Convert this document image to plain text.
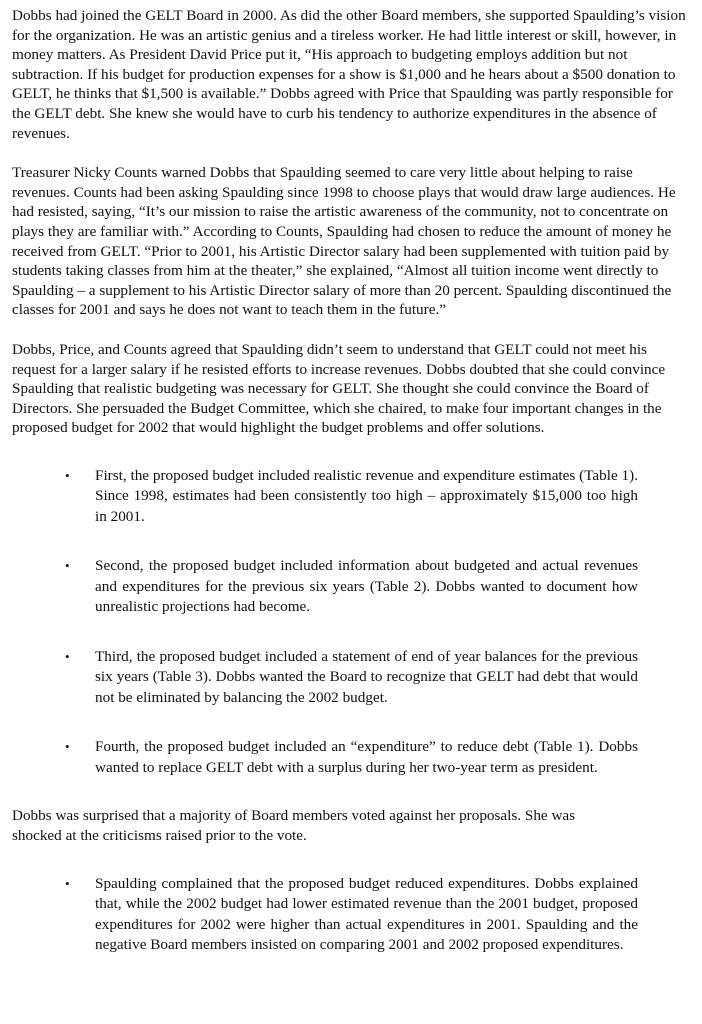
Dobbs had joined the GELT Board in 2000. As did the other Board members, she supported Spaulding’s vision for the organization. He was an artistic genius and a tireless worker. He had little interest or skill, however, in money matters. As President David Price put it, “His approach to budgeting employs addition but not subtraction. If his budget for production expenses for a show is $1,000 and he hears about a $500 donation to GELT, he thinks that $1,500 is available.” Dobbs agreed with Price that Spaulding was partly responsible for the GELT debt. She knew she would have to curb his tendency to authorize expenditures in the absence of revenues.

Treasurer Nicky Counts warned Dobbs that Spaulding seemed to care very little about helping to raise revenues. Counts had been asking Spaulding since 1998 to choose plays that would draw large audiences. He had resisted, saying, “It’s our mission to raise the artistic awareness of the community, not to concentrate on plays they are familiar with.” According to Counts, Spaulding had chosen to reduce the amount of money he received from GELT. “Prior to 2001, his Artistic Director salary had been supplemented with tuition paid by students taking classes from him at the theater,” she explained, “Almost all tuition income went directly to Spaulding – a supplement to his Artistic Director salary of more than 20 percent. Spaulding discontinued the classes for 2001 and says he does not want to teach them in the future.”

Dobbs, Price, and Counts agreed that Spaulding didn’t seem to understand that GELT could not meet his request for a larger salary if he resisted efforts to increase revenues. Dobbs doubted that she could convince Spaulding that realistic budgeting was necessary for GELT. She thought she could convince the Board of Directors. She persuaded the Budget Committee, which she chaired, to make four important changes in the proposed budget for 2002 that would highlight the budget problems and offer solutions.

• First, the proposed budget included realistic revenue and expenditure estimates (Table 1). Since 1998, estimates had been consistently too high – approximately $15,000 too high in 2001.
• Second, the proposed budget included information about budgeted and actual revenues and expenditures for the previous six years (Table 2). Dobbs wanted to document how unrealistic projections had become.
• Third, the proposed budget included a statement of end of year balances for the previous six years (Table 3). Dobbs wanted the Board to recognize that GELT had debt that would not be eliminated by balancing the 2002 budget.
• Fourth, the proposed budget included an “expenditure” to reduce debt (Table 1). Dobbs wanted to replace GELT debt with a surplus during her two-year term as president.

Dobbs was surprised that a majority of Board members voted against her proposals. She was shocked at the criticisms raised prior to the vote.

• Spaulding complained that the proposed budget reduced expenditures. Dobbs explained that, while the 2002 budget had lower estimated revenue than the 2001 budget, proposed expenditures for 2002 were higher than actual expenditures in 2001. Spaulding and the negative Board members insisted on comparing 2001 and 2002 proposed expenditures.
